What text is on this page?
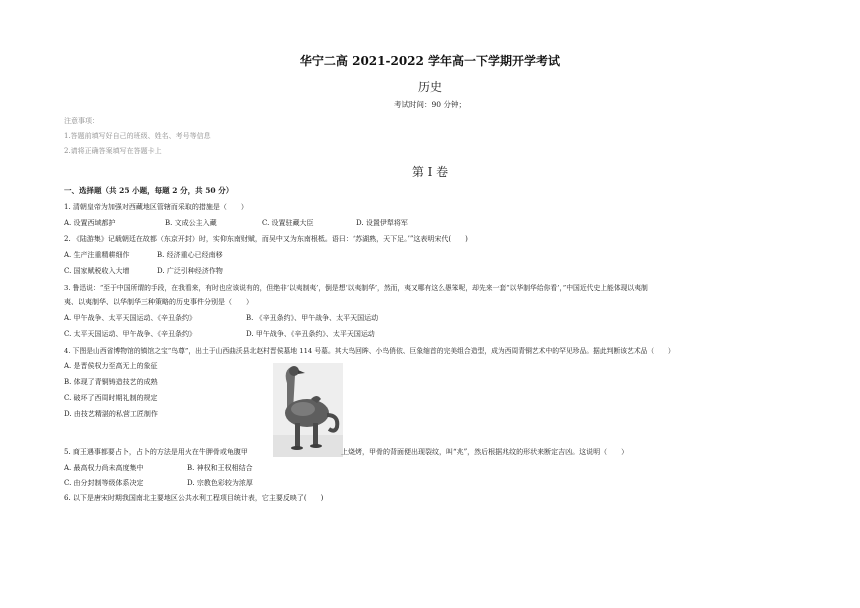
华宁二高 2021-2022 学年高一下学期开学考试
历史
考试时间：90 分钟；
注意事项：
1.答题前填写好自己的班级、姓名、考号等信息
2.请将正确答案填写在答题卡上
第 I 卷
一、选择题（共 25 小题，每题 2 分，共 50 分）
1. 清朝皇帝为加强对西藏地区管辖而采取的措施是（　　）
A. 设置西域都护	B. 文成公主入藏	C. 设置驻藏大臣	D. 设置伊犁将军
2. 《陆游集》记载朝廷在故都（东京开封）时，实仰东南财赋，而吴中又为东南根柢。语曰：‘苏湖熟，天下足。’”这表明宋代(　　)
A. 生产注重精耕细作	B. 经济重心已经南移
C. 国家赋税收入大增	D. 广泛引种经济作物
3. 鲁迅说：“至于中国所谓的手段，在我看来，有时也应该说有的，但绝非‘以夷制夷’，倒是想‘以夷制华’，然而，夷又哪有这么愚笨呢，却先来一套“以华制华给你看’，”中国近代史上能体现以夷制
夷、以夷制华、以华制华三种策略的历史事件分别是（　　）
A. 甲午战争、太平天国运动、《辛丑条约》	B. 《辛丑条约》、甲午战争、太平天国运动
C. 太平天国运动、甲午战争、《辛丑条约》	D. 甲午战争、《辛丑条约》、太平天国运动
4. 下图是山西省博物馆的镇馆之宝“鸟尊”，出土于山西曲沃县北赵村晋侯墓地 114 号墓。其大鸟回眸、小鸟俏依、巨象缩首的完美组合造型，成为西周青铜艺术中的罕见珍品。据此判断该艺术品（　　）
A. 是晋侯权力至高无上的象征
B. 体现了青铜铸造技艺的成熟
C. 破坏了西周时期礼制的规定
D. 由技艺精湛的私营工匠制作
5. 商王遇事都要占卜，占卜的方法是用火在牛胛骨或龟腹甲	上烧烤，甲骨的背面便出现裂纹，叫“兆”，然后根据兆纹的形状来断定吉凶。这说明（　　）
A. 最高权力尚未高度集中	B. 神权和王权相结合
C. 由分封制等级体系决定	D. 宗教色彩较为浓厚
6. 以下是唐宋时期我国南北主要地区公共水利工程项目统计表，它主要反映了(　　)
